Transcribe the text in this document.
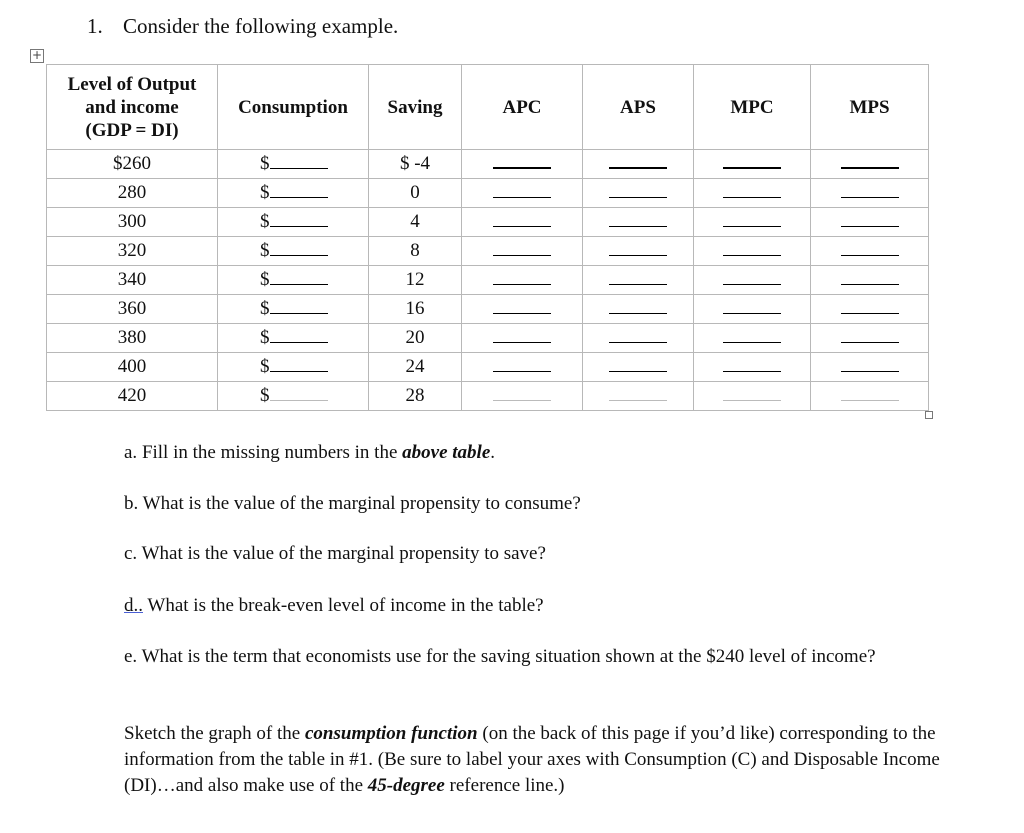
1. Consider the following example.
+
Level of Output
and income
(GDP = DI)	Consumption	Saving	APC	APS	MPC	MPS
$260	$	$ -4				
280	$	0				
300	$	4				
320	$	8				
340	$	12				
360	$	16				
380	$	20				
400	$	24				
420	$	28				

a. Fill in the missing numbers in the above table.

b. What is the value of the marginal propensity to consume?

c. What is the value of the marginal propensity to save?

d.. What is the break-even level of income in the table?

e. What is the term that economists use for the saving situation shown at the $240 level of income?

Sketch the graph of the consumption function (on the back of this page if you’d like) corresponding to the information from the table in #1. (Be sure to label your axes with Consumption (C) and Disposable Income (DI)…and also make use of the 45-degree reference line.)
